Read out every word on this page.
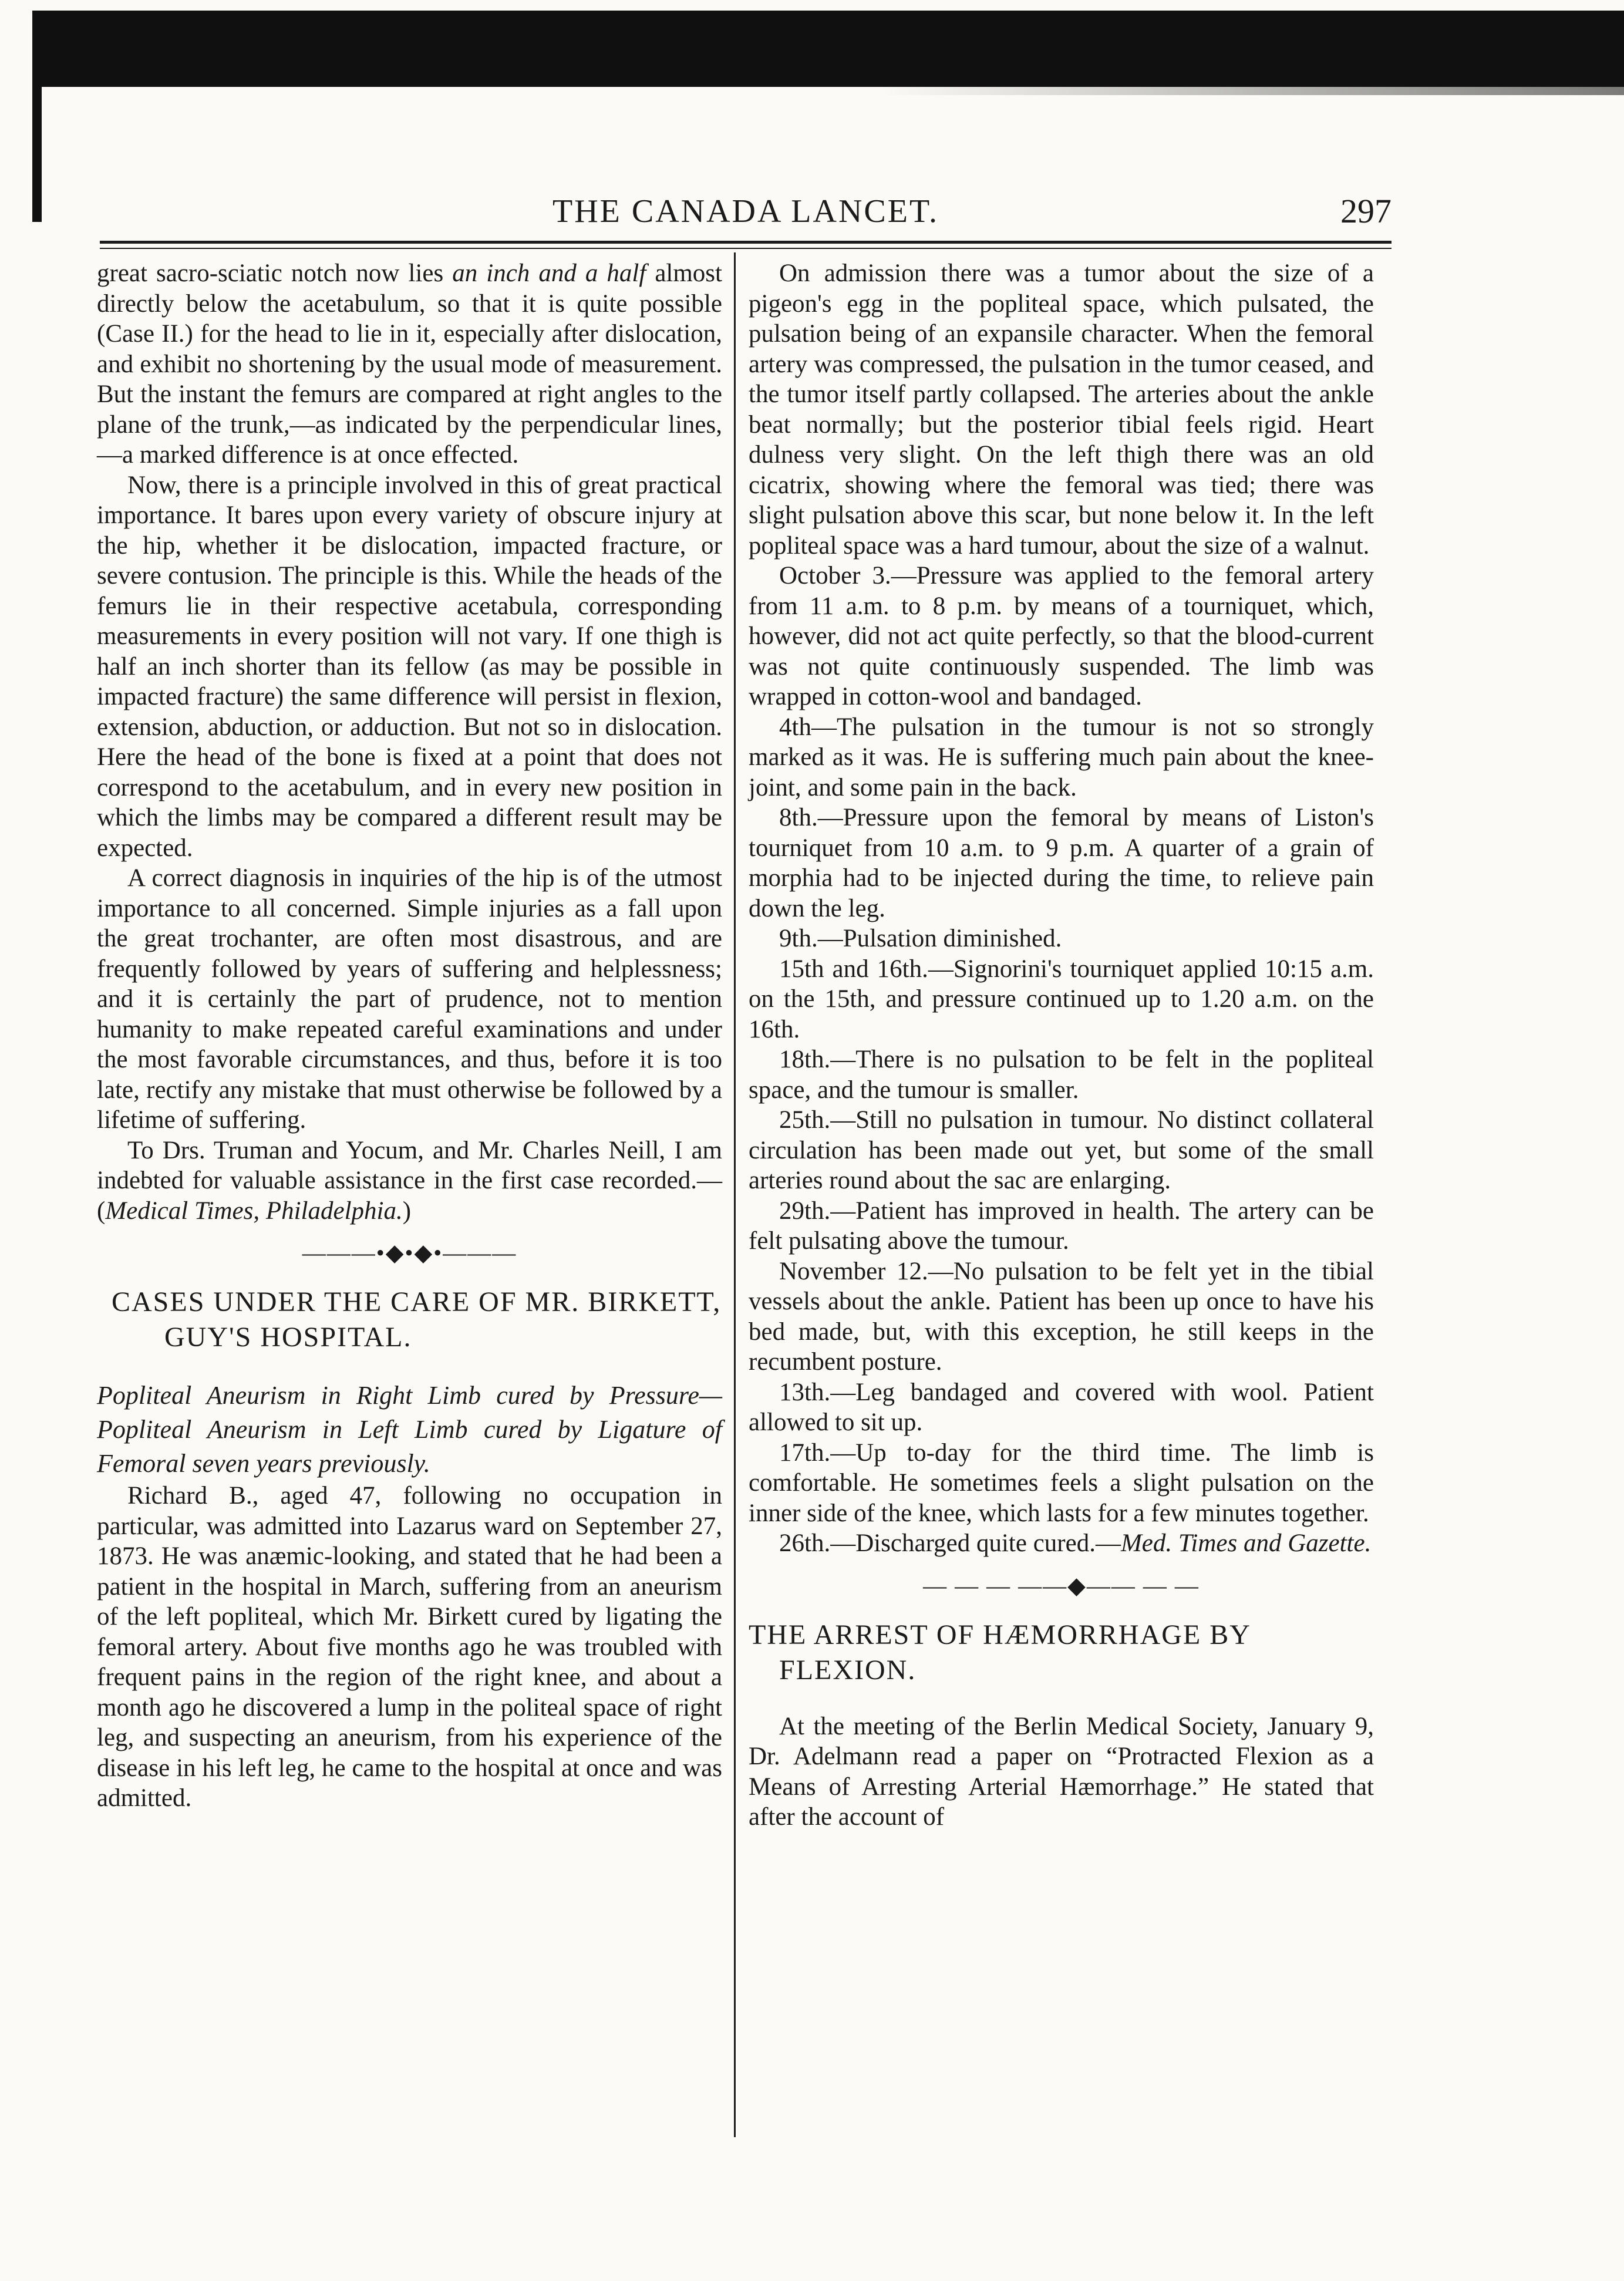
THE CANADA LANCET.	297

great sacro-sciatic notch now lies an inch and a half almost directly below the acetabulum, so that it is quite possible (Case II.) for the head to lie in it, especially after dislocation, and exhibit no shortening by the usual mode of measurement. But the instant the femurs are compared at right angles to the plane of the trunk,—as indicated by the perpendicular lines,—a marked difference is at once effected.

Now, there is a principle involved in this of great practical importance. It bares upon every variety of obscure injury at the hip, whether it be dislocation, impacted fracture, or severe contusion. The principle is this. While the heads of the femurs lie in their respective acetabula, corresponding measurements in every position will not vary. If one thigh is half an inch shorter than its fellow (as may be possible in impacted fracture) the same difference will persist in flexion, extension, abduction, or adduction. But not so in dislocation. Here the head of the bone is fixed at a point that does not correspond to the acetabulum, and in every new position in which the limbs may be compared a different result may be expected.

A correct diagnosis in inquiries of the hip is of the utmost importance to all concerned. Simple injuries as a fall upon the great trochanter, are often most disastrous, and are frequently followed by years of suffering and helplessness; and it is certainly the part of prudence, not to mention humanity to make repeated careful examinations and under the most favorable circumstances, and thus, before it is too late, rectify any mistake that must otherwise be followed by a lifetime of suffering.

To Drs. Truman and Yocum, and Mr. Charles Neill, I am indebted for valuable assistance in the first case recorded.—(Medical Times, Philadelphia.)

———•◆•◆•———
CASES UNDER THE CARE OF MR. BIRKETT, GUY'S HOSPITAL.

Popliteal Aneurism in Right Limb cured by Pressure—Popliteal Aneurism in Left Limb cured by Ligature of Femoral seven years previously.

Richard B., aged 47, following no occupation in particular, was admitted into Lazarus ward on September 27, 1873. He was anæmic-looking, and stated that he had been a patient in the hospital in March, suffering from an aneurism of the left popliteal, which Mr. Birkett cured by ligating the femoral artery. About five months ago he was troubled with frequent pains in the region of the right knee, and about a month ago he discovered a lump in the politeal space of right leg, and suspecting an aneurism, from his experience of the disease in his left leg, he came to the hospital at once and was admitted.

On admission there was a tumor about the size of a pigeon's egg in the popliteal space, which pulsated, the pulsation being of an expansile character. When the femoral artery was compressed, the pulsation in the tumor ceased, and the tumor itself partly collapsed. The arteries about the ankle beat normally; but the posterior tibial feels rigid. Heart dulness very slight. On the left thigh there was an old cicatrix, showing where the femoral was tied; there was slight pulsation above this scar, but none below it. In the left popliteal space was a hard tumour, about the size of a walnut.

October 3.—Pressure was applied to the femoral artery from 11 a.m. to 8 p.m. by means of a tourniquet, which, however, did not act quite perfectly, so that the blood-current was not quite continuously suspended. The limb was wrapped in cotton-wool and bandaged.

4th—The pulsation in the tumour is not so strongly marked as it was. He is suffering much pain about the knee-joint, and some pain in the back.

8th.—Pressure upon the femoral by means of Liston's tourniquet from 10 a.m. to 9 p.m. A quarter of a grain of morphia had to be injected during the time, to relieve pain down the leg.

9th.—Pulsation diminished.

15th and 16th.—Signorini's tourniquet applied 10:15 a.m. on the 15th, and pressure continued up to 1.20 a.m. on the 16th.

18th.—There is no pulsation to be felt in the popliteal space, and the tumour is smaller.

25th.—Still no pulsation in tumour. No distinct collateral circulation has been made out yet, but some of the small arteries round about the sac are enlarging.

29th.—Patient has improved in health. The artery can be felt pulsating above the tumour.

November 12.—No pulsation to be felt yet in the tibial vessels about the ankle. Patient has been up once to have his bed made, but, with this exception, he still keeps in the recumbent posture.

13th.—Leg bandaged and covered with wool. Patient allowed to sit up.

17th.—Up to-day for the third time. The limb is comfortable. He sometimes feels a slight pulsation on the inner side of the knee, which lasts for a few minutes together.

26th.—Discharged quite cured.—Med. Times and Gazette.

— — — ——◆—— — —
THE ARREST OF HÆMORRHAGE BY FLEXION.

At the meeting of the Berlin Medical Society, January 9, Dr. Adelmann read a paper on “Protracted Flexion as a Means of Arresting Arterial Hæmorrhage.” He stated that after the account of
